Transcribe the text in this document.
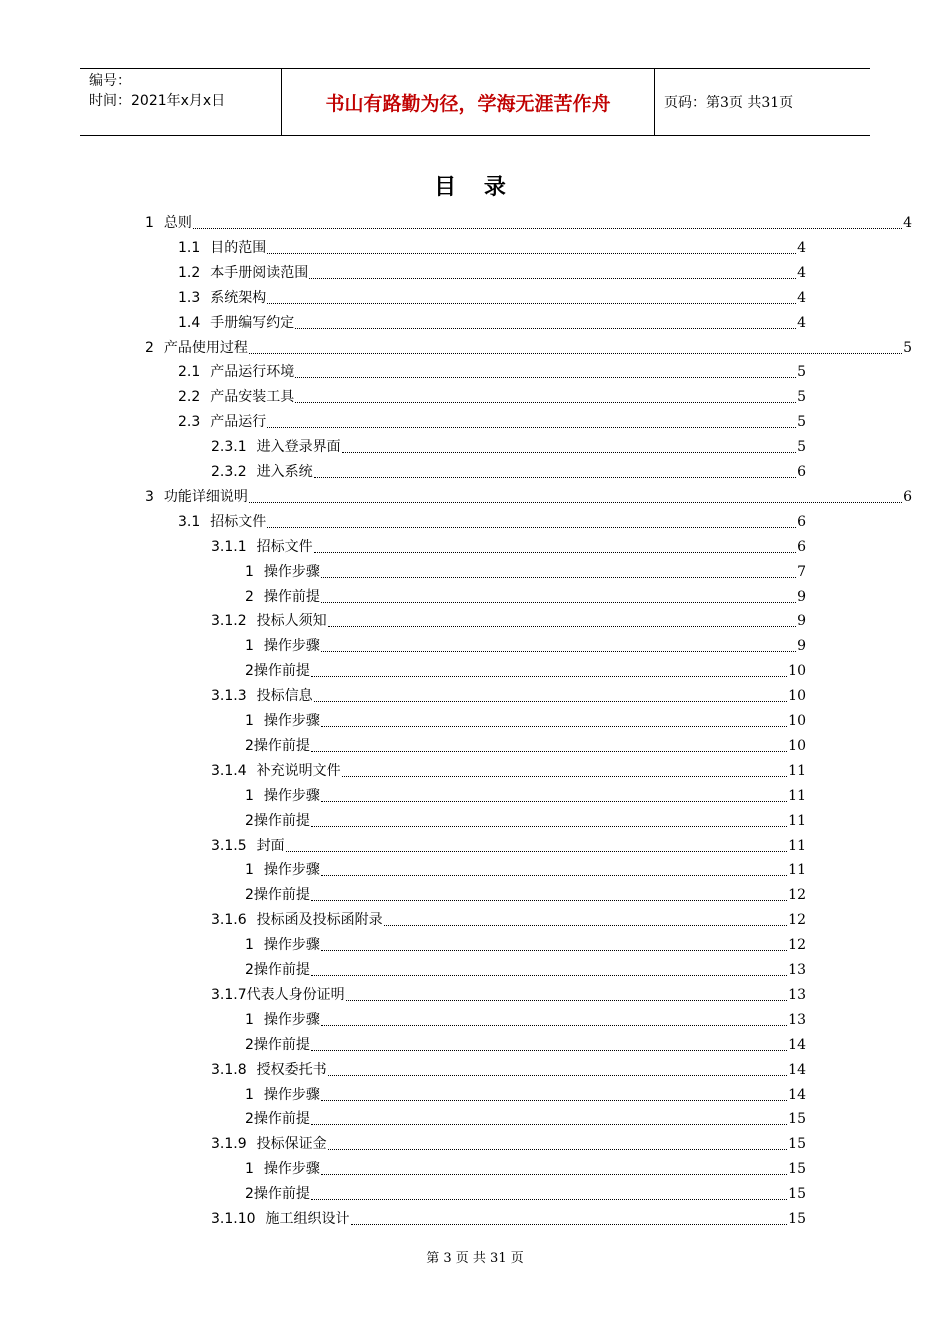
编号：
时间：2021年x月x日	书山有路勤为径，学海无涯苦作舟	页码：第3页 共31页
目 录
1 总则	4
1.1 目的范围	4
1.2 本手册阅读范围	4
1.3 系统架构	4
1.4 手册编写约定	4
2 产品使用过程	5
2.1 产品运行环境	5
2.2 产品安装工具	5
2.3 产品运行	5
2.3.1 进入登录界面	5
2.3.2 进入系统	6
3 功能详细说明	6
3.1 招标文件	6
3.1.1 招标文件	6
1 操作步骤	7
2 操作前提	9
3.1.2 投标人须知	9
1 操作步骤	9
2操作前提	10
3.1.3 投标信息	10
1 操作步骤	10
2操作前提	10
3.1.4 补充说明文件	11
1 操作步骤	11
2操作前提	11
3.1.5 封面	11
1 操作步骤	11
2操作前提	12
3.1.6 投标函及投标函附录	12
1 操作步骤	12
2操作前提	13
3.1.7代表人身份证明	13
1 操作步骤	13
2操作前提	14
3.1.8 授权委托书	14
1 操作步骤	14
2操作前提	15
3.1.9 投标保证金	15
1 操作步骤	15
2操作前提	15
3.1.10 施工组织设计	15
第 3 页 共 31 页
